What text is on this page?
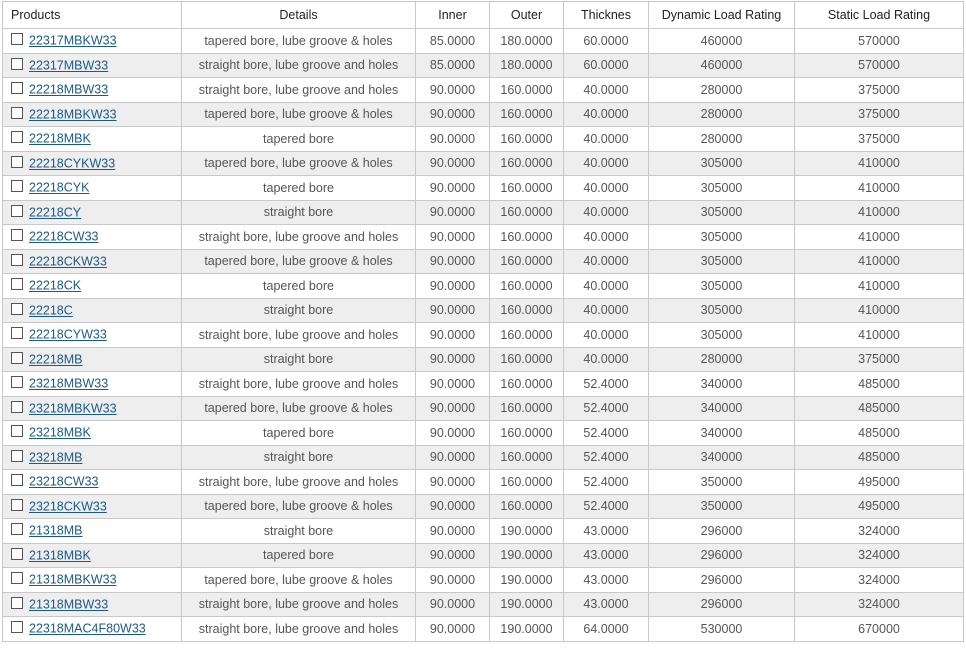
Products	Details	Inner	Outer	Thicknes	Dynamic Load Rating	Static Load Rating
22317MBKW33	tapered bore, lube groove & holes	85.0000	180.0000	60.0000	460000	570000
22317MBW33	straight bore, lube groove and holes	85.0000	180.0000	60.0000	460000	570000
22218MBW33	straight bore, lube groove and holes	90.0000	160.0000	40.0000	280000	375000
22218MBKW33	tapered bore, lube groove & holes	90.0000	160.0000	40.0000	280000	375000
22218MBK	tapered bore	90.0000	160.0000	40.0000	280000	375000
22218CYKW33	tapered bore, lube groove & holes	90.0000	160.0000	40.0000	305000	410000
22218CYK	tapered bore	90.0000	160.0000	40.0000	305000	410000
22218CY	straight bore	90.0000	160.0000	40.0000	305000	410000
22218CW33	straight bore, lube groove and holes	90.0000	160.0000	40.0000	305000	410000
22218CKW33	tapered bore, lube groove & holes	90.0000	160.0000	40.0000	305000	410000
22218CK	tapered bore	90.0000	160.0000	40.0000	305000	410000
22218C	straight bore	90.0000	160.0000	40.0000	305000	410000
22218CYW33	straight bore, lube groove and holes	90.0000	160.0000	40.0000	305000	410000
22218MB	straight bore	90.0000	160.0000	40.0000	280000	375000
23218MBW33	straight bore, lube groove and holes	90.0000	160.0000	52.4000	340000	485000
23218MBKW33	tapered bore, lube groove & holes	90.0000	160.0000	52.4000	340000	485000
23218MBK	tapered bore	90.0000	160.0000	52.4000	340000	485000
23218MB	straight bore	90.0000	160.0000	52.4000	340000	485000
23218CW33	straight bore, lube groove and holes	90.0000	160.0000	52.4000	350000	495000
23218CKW33	tapered bore, lube groove & holes	90.0000	160.0000	52.4000	350000	495000
21318MB	straight bore	90.0000	190.0000	43.0000	296000	324000
21318MBK	tapered bore	90.0000	190.0000	43.0000	296000	324000
21318MBKW33	tapered bore, lube groove & holes	90.0000	190.0000	43.0000	296000	324000
21318MBW33	straight bore, lube groove and holes	90.0000	190.0000	43.0000	296000	324000
22318MAC4F80W33	straight bore, lube groove and holes	90.0000	190.0000	64.0000	530000	670000
